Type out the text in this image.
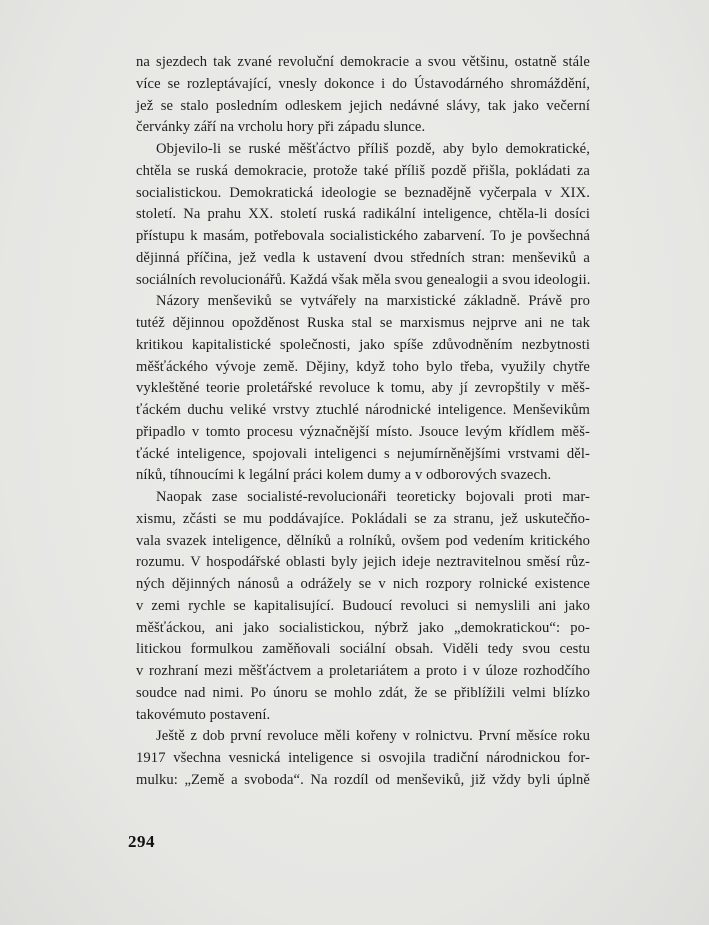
na sjezdech tak zvané revoluční demokracie a svou většinu, ostatně stále
více se rozleptávající, vnesly dokonce i do Ústavodárného shromáždění,
jež se stalo posledním odleskem jejich nedávné slávy, tak jako večerní
červánky září na vrcholu hory při západu slunce.
Objevilo-li se ruské měšťáctvo příliš pozdě, aby bylo demokratické,
chtěla se ruská demokracie, protože také příliš pozdě přišla, pokládati za
socialistickou. Demokratická ideologie se beznadějně vyčerpala v XIX.
století. Na prahu XX. století ruská radikální inteligence, chtěla-li dosíci
přístupu k masám, potřebovala socialistického zabarvení. To je povšechná
dějinná příčina, jež vedla k ustavení dvou středních stran: menševiků a
sociálních revolucionářů. Každá však měla svou genealogii a svou ideologii.
Názory menševiků se vytvářely na marxistické základně. Právě pro
tutéž dějinnou opožděnost Ruska stal se marxismus nejprve ani ne tak
kritikou kapitalistické společnosti, jako spíše zdůvodněním nezbytnosti
měšťáckého vývoje země. Dějiny, když toho bylo třeba, využily chytře
vykleštěné teorie proletářské revoluce k tomu, aby jí zevropštily v měš-
ťáckém duchu veliké vrstvy ztuchlé národnické inteligence. Menševikům
připadlo v tomto procesu význačnější místo. Jsouce levým křídlem měš-
ťácké inteligence, spojovali inteligenci s nejumírněnějšími vrstvami děl-
níků, tíhnoucími k legální práci kolem dumy a v odborových svazech.
Naopak zase socialisté-revolucionáři teoreticky bojovali proti mar-
xismu, zčásti se mu poddávajíce. Pokládali se za stranu, jež uskutečňo-
vala svazek inteligence, dělníků a rolníků, ovšem pod vedením kritického
rozumu. V hospodářské oblasti byly jejich ideje neztravitelnou směsí růz-
ných dějinných nánosů a odrážely se v nich rozpory rolnické existence
v zemi rychle se kapitalisující. Budoucí revoluci si nemyslili ani jako
měšťáckou, ani jako socialistickou, nýbrž jako „demokratickou“: po-
litickou formulkou zaměňovali sociální obsah. Viděli tedy svou cestu
v rozhraní mezi měšťáctvem a proletariátem a proto i v úloze rozhodčího
soudce nad nimi. Po únoru se mohlo zdát, že se přiblížili velmi blízko
takovémuto postavení.
Ještě z dob první revoluce měli kořeny v rolnictvu. První měsíce roku
1917 všechna vesnická inteligence si osvojila tradiční národnickou for-
mulku: „Země a svoboda“. Na rozdíl od menševiků, již vždy byli úplně
294
